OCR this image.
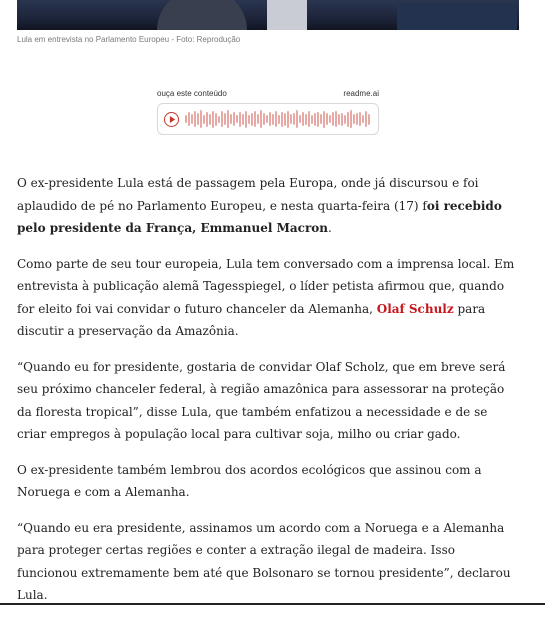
Lula em entrevista no Parlamento Europeu - Foto: Reprodução
ouça este conteúdo	readme.ai

O ex-presidente Lula está de passagem pela Europa, onde já discursou e foi aplaudido de pé no Parlamento Europeu, e nesta quarta-feira (17) foi recebido pelo presidente da França, Emmanuel Macron.

Como parte de seu tour europeia, Lula tem conversado com a imprensa local. Em entrevista à publicação alemã Tagesspiegel, o líder petista afirmou que, quando for eleito foi vai convidar o futuro chanceler da Alemanha, Olaf Schulz para discutir a preservação da Amazônia.

“Quando eu for presidente, gostaria de convidar Olaf Scholz, que em breve será seu próximo chanceler federal, à região amazônica para assessorar na proteção da floresta tropical”, disse Lula, que também enfatizou a necessidade e de se criar empregos à população local para cultivar soja, milho ou criar gado.

O ex-presidente também lembrou dos acordos ecológicos que assinou com a Noruega e com a Alemanha.

“Quando eu era presidente, assinamos um acordo com a Noruega e a Alemanha para proteger certas regiões e conter a extração ilegal de madeira. Isso funcionou extremamente bem até que Bolsonaro se tornou presidente”, declarou Lula.
